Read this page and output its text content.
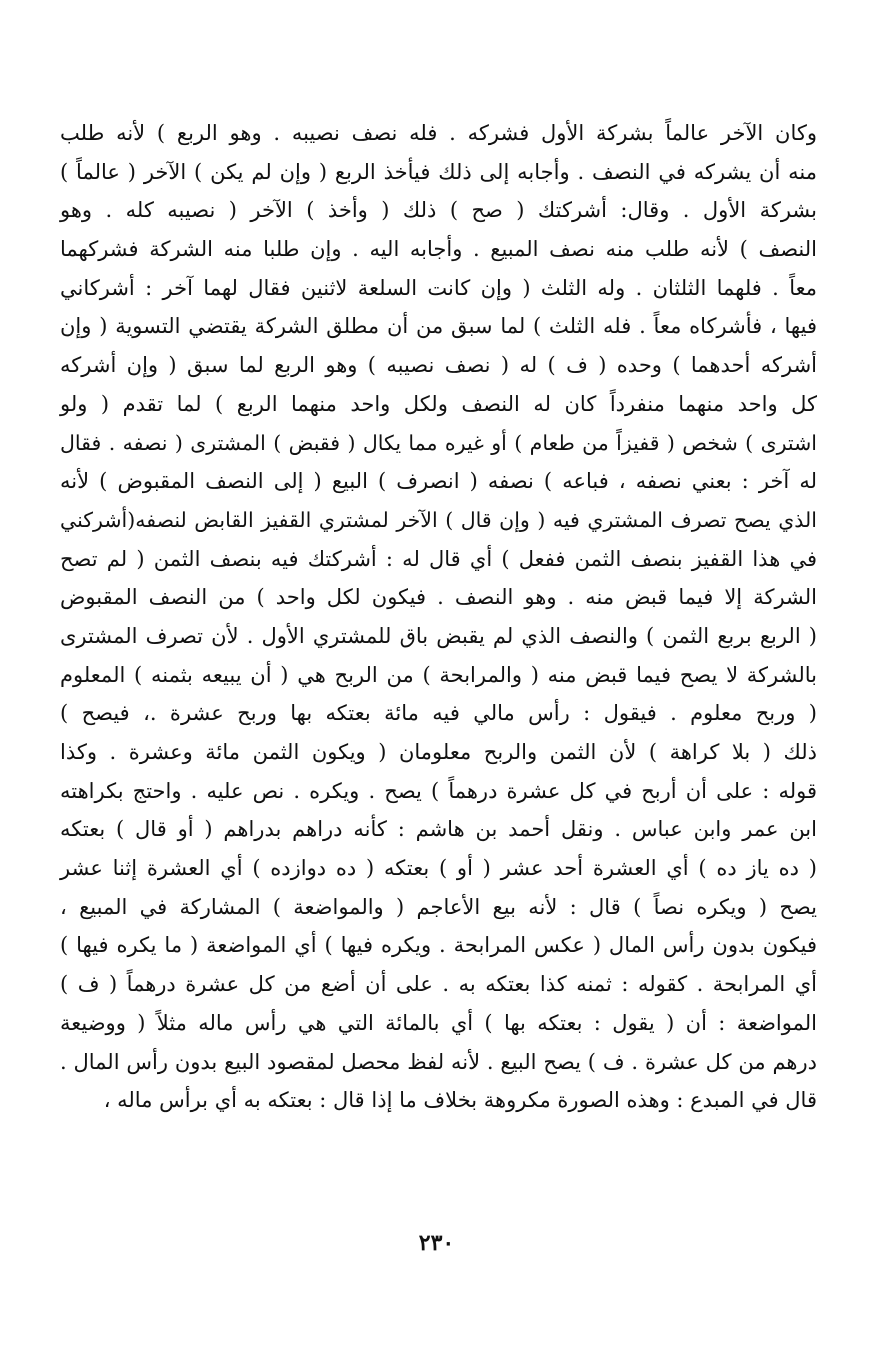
وكان الآخر عالماً بشركة الأول فشركه . فله نصف نصيبه . وهو الربع ) لأنه طلب
منه أن يشركه في النصف . وأجابه إلى ذلك فيأخذ الربع ( وإن لم يكن ) الآخر ( عالماً )
بشركة الأول . وقال: أشركتك ( صح ) ذلك ( وأخذ ) الآخر ( نصيبه كله . وهو
النصف ) لأنه طلب منه نصف المبيع . وأجابه اليه . وإن طلبا منه الشركة فشركهما
معاً . فلهما الثلثان . وله الثلث ( وإن كانت السلعة لاثنين فقال لهما آخر : أشركاني
فيها ، فأشركاه معاً . فله الثلث ) لما سبق من أن مطلق الشركة يقتضي التسوية ( وإن
أشركه أحدهما ) وحده ( ف ) له ( نصف نصيبه ) وهو الربع لما سبق ( وإن أشركه
كل واحد منهما منفرداً كان له النصف ولكل واحد منهما الربع ) لما تقدم ( ولو
اشترى ) شخص ( قفيزاً من طعام ) أو غيره مما يكال ( فقبض ) المشترى ( نصفه . فقال
له آخر : بعني نصفه ، فباعه ) نصفه ( انصرف ) البيع ( إلى النصف المقبوض ) لأنه
الذي يصح تصرف المشتري فيه ( وإن قال ) الآخر لمشتري القفيز القابض لنصفه(أشركني
في هذا القفيز بنصف الثمن ففعل ) أي قال له : أشركتك فيه بنصف الثمن ( لم تصح
الشركة إلا فيما قبض منه . وهو النصف . فيكون لكل واحد ) من النصف المقبوض
( الربع بربع الثمن ) والنصف الذي لم يقبض باق للمشتري الأول . لأن تصرف المشترى
بالشركة لا يصح فيما قبض منه ( والمرابحة ) من الربح هي ( أن يبيعه بثمنه ) المعلوم
( وربح معلوم . فيقول : رأس مالي فيه مائة بعتكه بها وربح عشرة .، فيصح )
ذلك ( بلا كراهة ) لأن الثمن والربح معلومان ( ويكون الثمن مائة وعشرة . وكذا
قوله : على أن أربح في كل عشرة درهماً ) يصح . ويكره . نص عليه . واحتج بكراهته
ابن عمر وابن عباس . ونقل أحمد بن هاشم : كأنه دراهم بدراهم ( أو قال ) بعتكه
( ده ياز ده ) أي العشرة أحد عشر ( أو ) بعتكه ( ده دوازده ) أي العشرة إثنا عشر
يصح ( ويكره نصاً ) قال : لأنه بيع الأعاجم ( والمواضعة ) المشاركة في المبيع ،
فيكون بدون رأس المال ( عكس المرابحة . ويكره فيها ) أي المواضعة ( ما يكره فيها )
أي المرابحة . كقوله : ثمنه كذا بعتكه به . على أن أضع من كل عشرة درهماً ( ف )
المواضعة : أن ( يقول : بعتكه بها ) أي بالمائة التي هي رأس ماله مثلاً ( ووضيعة
درهم من كل عشرة . ف ) يصح البيع . لأنه لفظ محصل لمقصود البيع بدون رأس المال .
قال في المبدع : وهذه الصورة مكروهة بخلاف ما إذا قال : بعتكه به أي برأس ماله ،
٢٣٠
